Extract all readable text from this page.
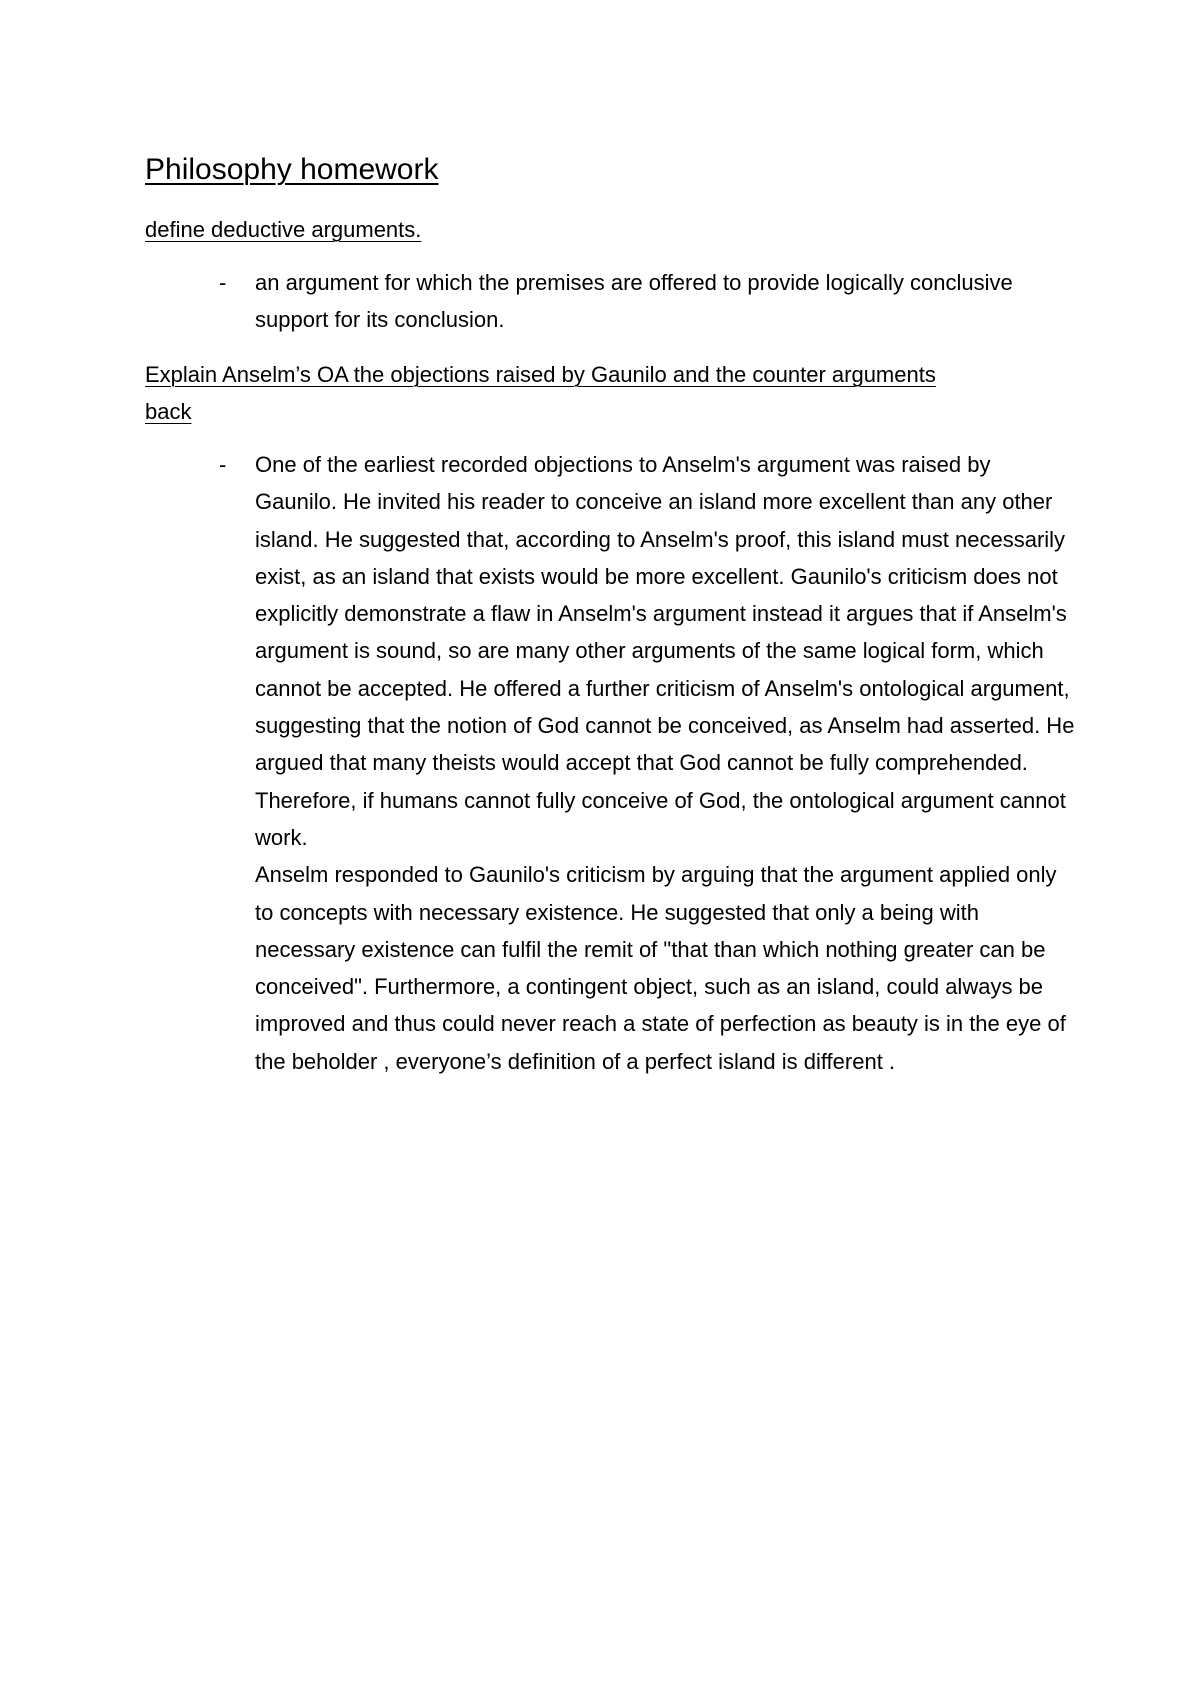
Philosophy homework
define deductive arguments.
- an argument for which the premises are offered to provide logically conclusive support for its conclusion.

Explain Anselm’s OA the objections raised by Gaunilo and the counter arguments back
- One of the earliest recorded objections to Anselm's argument was raised by Gaunilo. He invited his reader to conceive an island more excellent than any other island. He suggested that, according to Anselm's proof, this island must necessarily exist, as an island that exists would be more excellent. Gaunilo's criticism does not explicitly demonstrate a flaw in Anselm's argument instead it argues that if Anselm's argument is sound, so are many other arguments of the same logical form, which cannot be accepted. He offered a further criticism of Anselm's ontological argument, suggesting that the notion of God cannot be conceived, as Anselm had asserted. He argued that many theists would accept that God cannot be fully comprehended. Therefore, if humans cannot fully conceive of God, the ontological argument cannot work.

Anselm responded to Gaunilo's criticism by arguing that the argument applied only to concepts with necessary existence. He suggested that only a being with necessary existence can fulfil the remit of "that than which nothing greater can be conceived". Furthermore, a contingent object, such as an island, could always be improved and thus could never reach a state of perfection as beauty is in the eye of the beholder , everyone’s definition of a perfect island is different .
